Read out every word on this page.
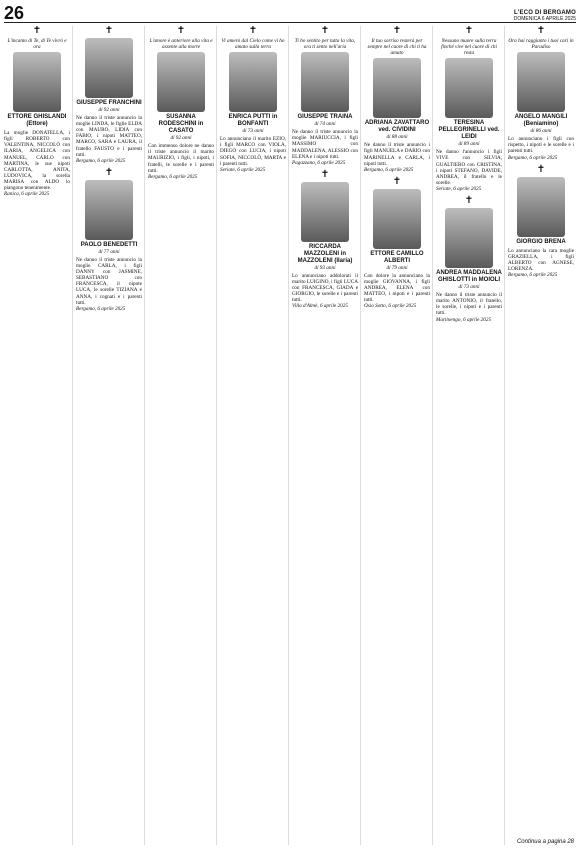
26	L'ECO DI BERGAMO
DOMENICA 6 APRILE 2025
✝
L'incanto di Te, di Te vivrò e ora
ETTORE GHISLANDI (Ettore)
La moglie DONATELLA, i figli ROBERTO con VALENTINA, NICCOLÒ con ILARIA, ANGELICA con MANUEL, CARLO con MARTINA, le sue nipoti CARLOTTA, ANITA, LUDOVICA, la sorella MARISA con ALDO lo piangono teneramente.
Ranica, 6 aprile 2025
✝
GIUSEPPE FRANCHINI
di 92 anni
Ne danno il triste annuncio la moglie LINDA, le figlie ELDA con MAURO, LIDIA con FABIO, i nipoti MATTEO, MARCO, SARA e LAURA, il fratello FAUSTO e i parenti tutti.
Bergamo, 6 aprile 2025
✝
PAOLO BENEDETTI
di 77 anni
Ne danno il triste annuncio la moglie CARLA, i figli DANNY con JASMINE, SEBASTIANO con FRANCESCA, il nipote LUCA, le sorelle TIZIANA e ANNA, i cognati e i parenti tutti.
Bergamo, 6 aprile 2025
✝
L'amore è anteriore alla vita e assente alla morte
SUSANNA RODESCHINI in CASATO
di 92 anni
Con immenso dolore ne danno il triste annuncio il marito MAURIZIO, i figli, i nipoti, i fratelli, le sorelle e i parenti tutti.
Bergamo, 6 aprile 2025
✝
Vi amerò dal Cielo come vi ho amato sulla terra
ENRICA PUTTI in BONFANTI
di 73 anni
Lo annunciano il marito EZIO, i figli MARCO con VIOLA, DIEGO con LUCIA, i nipoti SOFIA, NICCOLÒ, MARTA e i parenti tutti.
Seriate, 6 aprile 2025
✝
Ti ho sentito per tutta la vita, ora ti sento nell'aria
GIUSEPPE TRAINA
di 74 anni
Ne danno il triste annuncio la moglie MARIUCCIA, i figli MASSIMO con MADDALENA, ALESSIO con ELENA e i nipoti tutti.
Pagazzano, 6 aprile 2025
✝
RICCARDA MAZZOLENI in MAZZOLENI (Ilaria)
di 93 anni
Lo annunciano addolorati il marito LUIGINO, i figli LUCA con FRANCESCA, GIADA e GIORGIO, le sorelle e i parenti tutti.
Villa d'Almè, 6 aprile 2025
✝
Il tuo sorriso resterà per sempre nel cuore di chi ti ha amato
ADRIANA ZAVATTARO ved. CIVIDINI
di 88 anni
Ne danno il triste annuncio i figli MANUELA e DARIO con MARINELLA e CARLA, i nipoti tutti.
Bergamo, 6 aprile 2025
✝
ETTORE CAMILLO ALBERTI
di 79 anni
Con dolore la annunciano la moglie GIOVANNA, i figli ANDREA, ELENA con MATTEO, i nipoti e i parenti tutti.
Osio Sotto, 6 aprile 2025
✝
Nessuno muore sulla terra finché vive nel cuore di chi resta
TERESINA PELLEGRINELLI ved. LEIDI
di 89 anni
Ne danno l'annuncio i figli VIVE con SILVIA, GUALTIERO con CRISTINA, i nipoti STEFANO, DAVIDE, ANDREA, il fratello e le sorelle.
Seriate, 6 aprile 2025
✝
ANDREA MADDALENA GHISLOTTI in MOIOLI
di 73 anni
Ne danno il triste annuncio il marito ANTONIO, il fratello, le sorelle, i nipoti e i parenti tutti.
Martinengo, 6 aprile 2025
✝
Ora hai raggiunto i tuoi cari in Paradiso
ANGELO MANGILI (Beniamino)
di 86 anni
Lo annunciano i figli con rispetto, i nipoti e le sorelle e i parenti tutti.
Bergamo, 6 aprile 2025
✝
GIORGIO BRENA
Lo annunciano la cara moglie GRAZIELLA, i figli ALBERTO con AGNESE, LORENZA.
Bergamo, 6 aprile 2025
Continua a pagina 28
